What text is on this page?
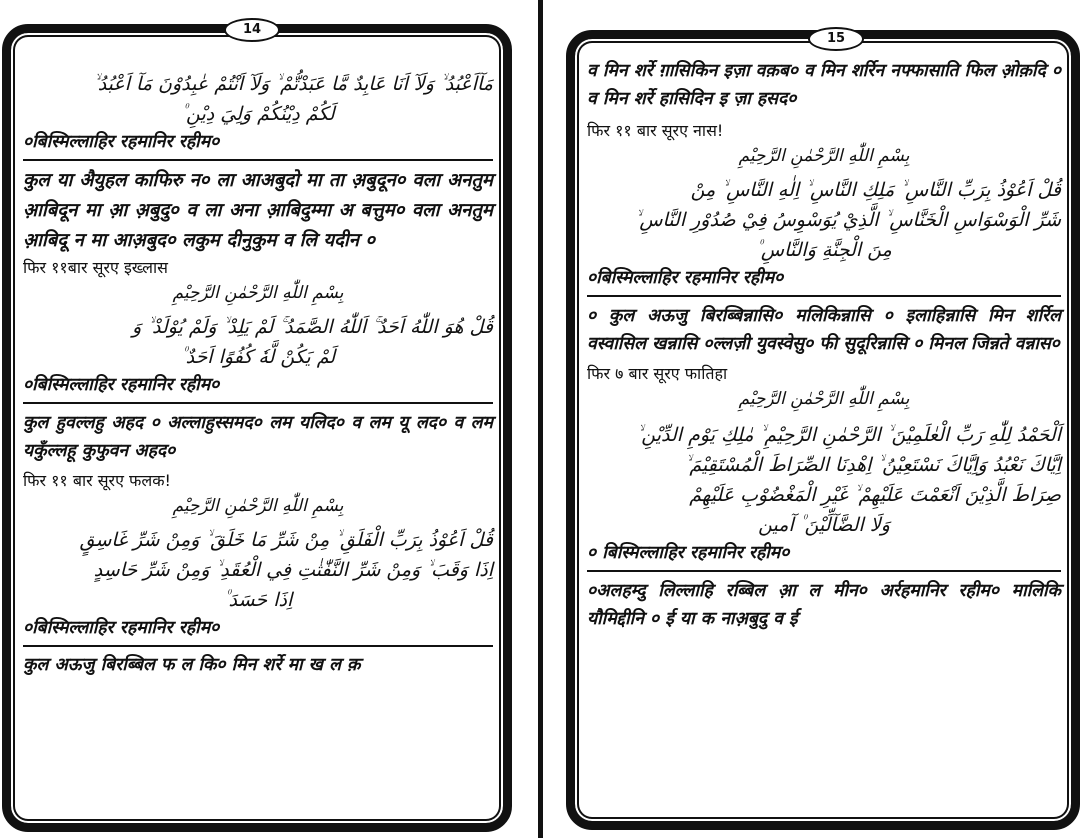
مَآاَعْبُدُ ۙ وَلَآ اَنَا عَابِدٌ مَّا عَبَدْتُّمْ ۙ وَلَآ اَنْتُمْ عٰبِدُوْنَ مَآ اَعْبُدُ ۙ
لَكُمْ دِيْنُكُمْ وَلِيَ دِيْنِ ۠
०बिस्मिल्लाहिर रहमानिर रहीम०
कुल या अैयुहल काफिरु न० ला आअबुदो मा ता अ़बुदून० वला अनतुम आ़बिदून मा आ़ अ़बुदु० व ला अना आ़बिदुम्मा अ बत्तुम० वला अनतुम आ़बिदू न मा आअ़बुद० लकुम दीनुकुम व लि यदीन ०
फिर ११बार सूरए इख्लास
بِسْمِ اللّٰهِ الرَّحْمٰنِ الرَّحِيْمِ
قُلْ هُوَ اللّٰهُ اَحَدٌ ۚ اَللّٰهُ الصَّمَدُ ۚ لَمْ يَلِدْ ۙ وَلَمْ يُوْلَدْ ۙ وَ
لَمْ يَكُنْ لَّهٗ كُفُوًا اَحَدٌ ۠
०बिस्मिल्लाहिर रहमानिर रहीम०
कुल हुवल्लहु अहद ० अल्लाहुस्समद० लम यलिद० व लम यू लद० व लम यकुँल्लहू कुफुवन अहद०
फिर ११ बार सूरए फलक!
بِسْمِ اللّٰهِ الرَّحْمٰنِ الرَّحِيْمِ
قُلْ اَعُوْذُ بِرَبِّ الْفَلَقِ ۙ مِنْ شَرِّ مَا خَلَقَ ۙ وَمِنْ شَرِّ غَاسِقٍ
اِذَا وَقَبَ ۙ وَمِنْ شَرِّ النَّفّٰثٰتِ فِي الْعُقَدِ ۙ وَمِنْ شَرِّ حَاسِدٍ
اِذَا حَسَدَ ۠
०बिस्मिल्लाहिर रहमानिर रहीम०
कुल अऊजु बिरब्बिल फ ल कि० मिन शर्रे मा ख ल क़
14
व मिन शर्रे ग़ासिकिन इज़ा वक़ब० व मिन शर्रिन नफ्फासाति फिल ओ़क़दि ० व मिन शर्रे हासिदिन इ ज़ा हसद०
फिर ११ बार सूरए नास!
بِسْمِ اللّٰهِ الرَّحْمٰنِ الرَّحِيْمِ
قُلْ اَعُوْذُ بِرَبِّ النَّاسِ ۙ مَلِكِ النَّاسِ ۙ اِلٰهِ النَّاسِ ۙ مِنْ
شَرِّ الْوَسْوَاسِ الْخَنَّاسِ ۙ الَّذِيْ يُوَسْوِسُ فِيْ صُدُوْرِ النَّاسِ ۙ
مِنَ الْجِنَّةِ وَالنَّاسِ ۠
०बिस्मिल्लाहिर रहमानिर रहीम०
० कुल अऊजु बिरब्बिन्नासि० मलिकिन्नासि ० इलाहिन्नासि मिन शर्रिल वस्वासिल खन्नासि ०ल्लज़ी युवस्वेसु० फी सुदूरिन्नासि ० मिनल जिन्नते वन्नास०
फिर ७ बार सूरए फातिहा
بِسْمِ اللّٰهِ الرَّحْمٰنِ الرَّحِيْمِ
اَلْحَمْدُ لِلّٰهِ رَبِّ الْعٰلَمِيْنَ ۙ الرَّحْمٰنِ الرَّحِيْمِ ۙ مٰلِكِ يَوْمِ الدِّيْنِ ۙ
اِيَّاكَ نَعْبُدُ وَاِيَّاكَ نَسْتَعِيْنُ ۙ اِهْدِنَا الصِّرَاطَ الْمُسْتَقِيْمَ ۙ
صِرَاطَ الَّذِيْنَ اَنْعَمْتَ عَلَيْهِمْ ۙ غَيْرِ الْمَغْضُوْبِ عَلَيْهِمْ
وَلَا الضَّآلِّيْنَ ۠ آمين
० बिस्मिल्लाहिर रहमानिर रहीम०
०अलहम्दु लिल्लाहि रब्बिल आ़ ल मीन० अर्रहमानिर रहीम० मालिकि यौमिद्दीनि ० ई या क नाअ़बुदु व ई
15
